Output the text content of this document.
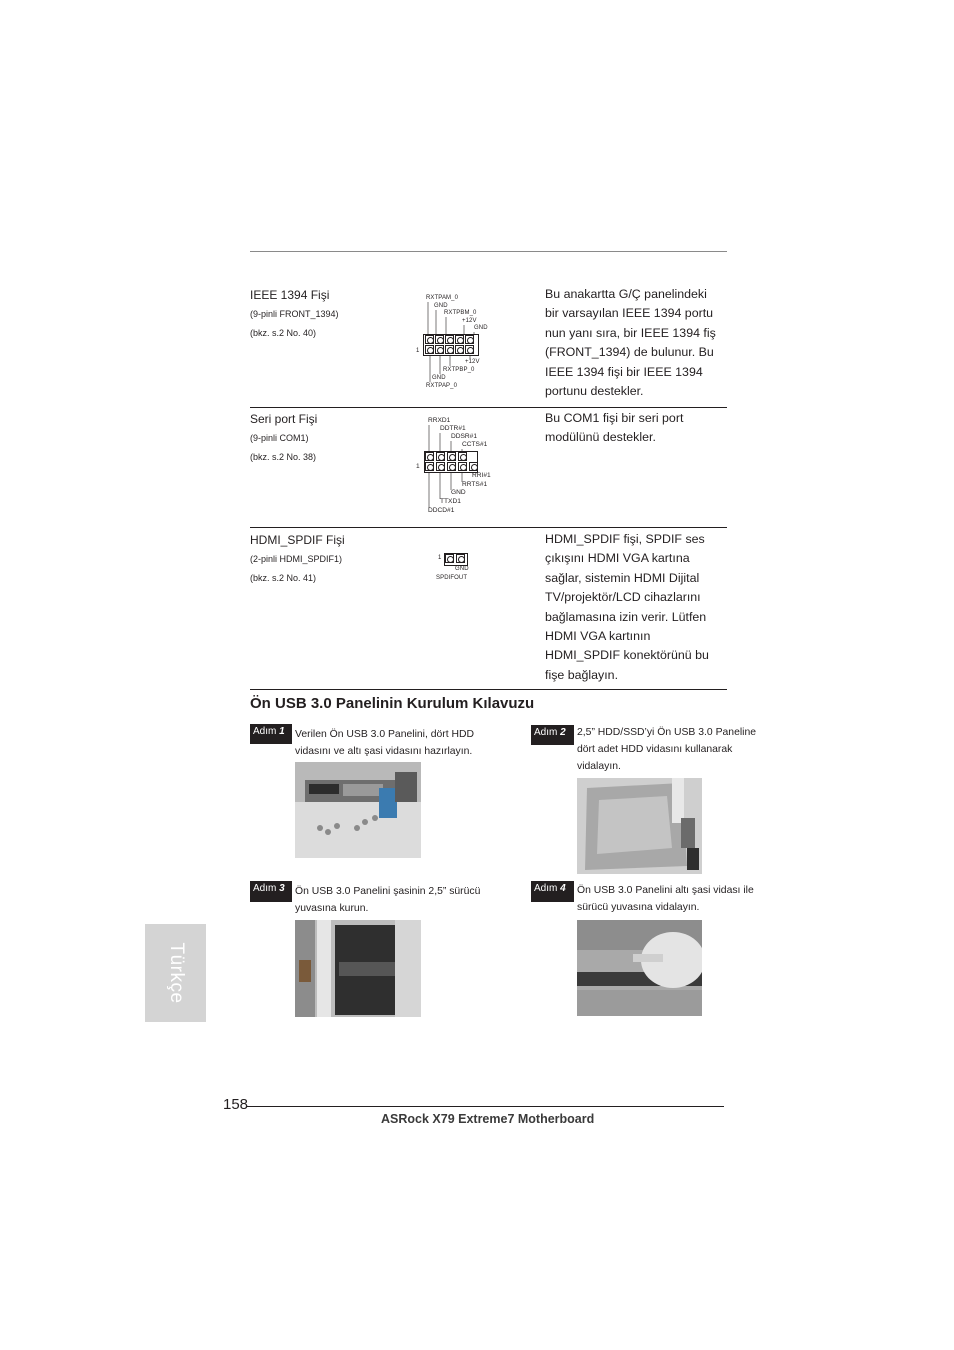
IEEE 1394 Fişi
(9-pinli FRONT_1394)
(bkz. s.2 No. 40)
RXTPAM_0
GND
RXTPBM_0
+12V
GND
1
+12V
RXTPBP_0
GND
RXTPAP_0
Bu anakartta G/Ç panelindeki
bir varsayılan IEEE 1394 portu
nun yanı sıra, bir IEEE 1394 fiş
(FRONT_1394) de bulunur. Bu
IEEE 1394 fişi bir IEEE 1394
portunu destekler.
Seri port Fişi
(9-pinli COM1)
(bkz. s.2 No. 38)
RRXD1
DDTR#1
DDSR#1
CCTS#1
1
RRI#1
RRTS#1
GND
TTXD1
DDCD#1
Bu COM1 fişi bir seri port
modülünü destekler.
HDMI_SPDIF Fişi
(2-pinli HDMI_SPDIF1)
(bkz. s.2 No. 41)
1
GND
SPDIFOUT
HDMI_SPDIF fişi, SPDIF ses
çıkışını HDMI VGA kartına
sağlar, sistemin HDMI Dijital
TV/projektör/LCD cihazlarını
bağlamasına izin verir. Lütfen
HDMI VGA kartının
HDMI_SPDIF konektörünü bu
fişe bağlayın.
Ön USB 3.0 Panelinin Kurulum Kılavuzu
Adım 1 Verilen Ön USB 3.0 Panelini, dört HDD
vidasını ve altı şasi vidasını hazırlayın.
Adım 2	2,5” HDD/SSD’yi Ön USB 3.0 Paneline
dört adet HDD vidasını kullanarak
vidalayın.
Adım 3 Ön USB 3.0 Panelini şasinin 2,5” sürücü
yuvasına kurun.
Adım 4	Ön USB 3.0 Panelini altı şasi vidası ile
sürücü yuvasına vidalayın.
Türkçe
158
ASRock X79 Extreme7 Motherboard
